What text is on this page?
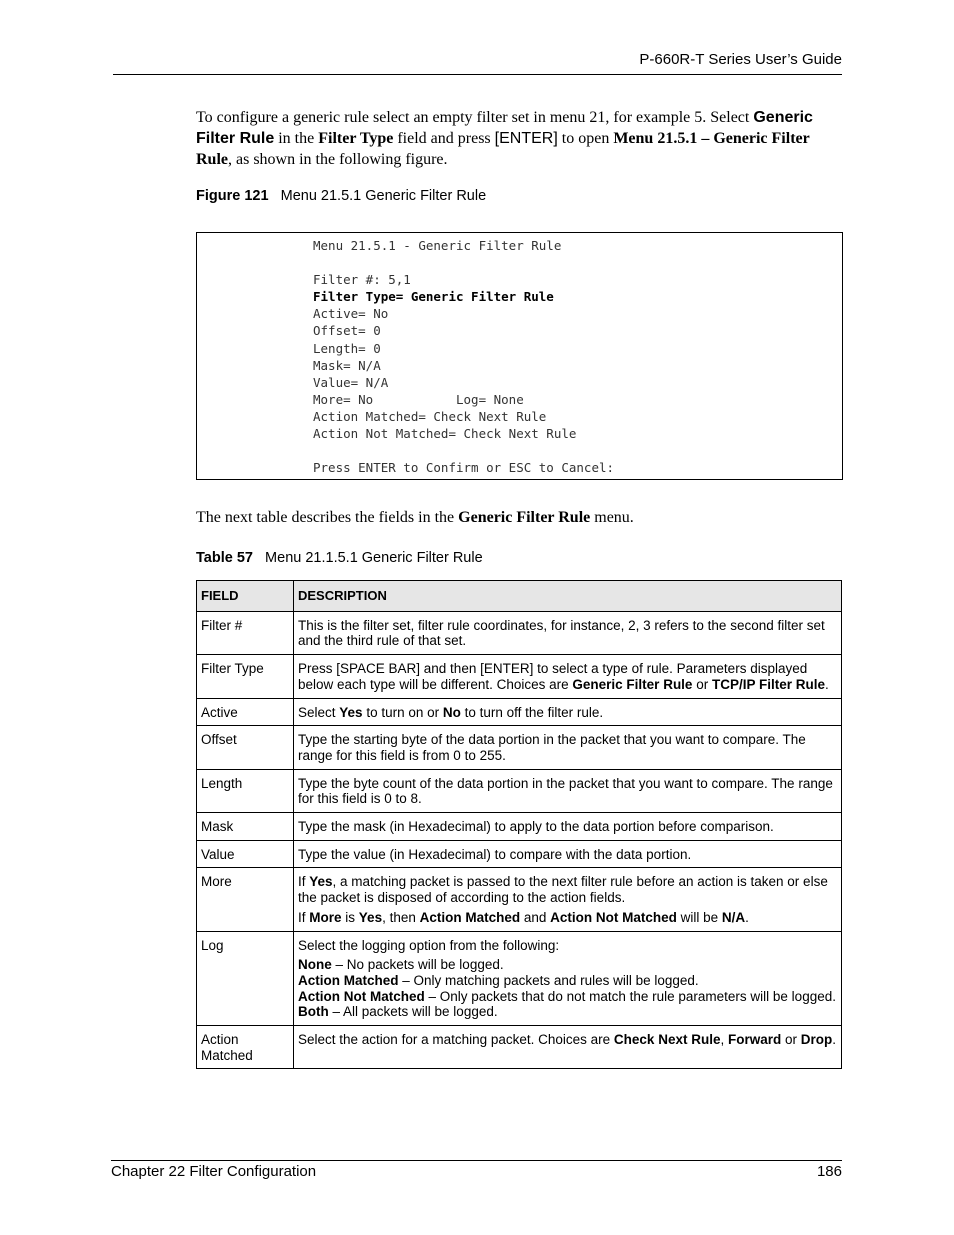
P-660R-T Series User’s Guide
To configure a generic rule select an empty filter set in menu 21, for example 5. Select Generic Filter Rule in the Filter Type field and press [ENTER] to open Menu 21.5.1 – Generic Filter Rule, as shown in the following figure.
Figure 121 Menu 21.5.1 Generic Filter Rule
Menu 21.5.1 - Generic Filter Rule
Filter #: 5,1
Filter Type= Generic Filter Rule
Active= No
Offset= 0
Length= 0
Mask= N/A
Value= N/A
More= No           Log= None
Action Matched= Check Next Rule
Action Not Matched= Check Next Rule
Press ENTER to Confirm or ESC to Cancel:
The next table describes the fields in the Generic Filter Rule menu.
Table 57 Menu 21.1.5.1 Generic Filter Rule
FIELD	DESCRIPTION
Filter #	This is the filter set, filter rule coordinates, for instance, 2, 3 refers to the second filter set and the third rule of that set.
Filter Type	Press [SPACE BAR] and then [ENTER] to select a type of rule. Parameters displayed below each type will be different. Choices are Generic Filter Rule or TCP/IP Filter Rule.
Active	Select Yes to turn on or No to turn off the filter rule.
Offset	Type the starting byte of the data portion in the packet that you want to compare. The range for this field is from 0 to 255.
Length	Type the byte count of the data portion in the packet that you want to compare. The range for this field is 0 to 8.
Mask	Type the mask (in Hexadecimal) to apply to the data portion before comparison.
Value	Type the value (in Hexadecimal) to compare with the data portion.
More	If Yes, a matching packet is passed to the next filter rule before an action is taken or else the packet is disposed of according to the action fields.

If More is Yes, then Action Matched and Action Not Matched will be N/A.

Log	Select the logging option from the following:

None – No packets will be logged.
Action Matched – Only matching packets and rules will be logged.
Action Not Matched – Only packets that do not match the rule parameters will be logged.
Both – All packets will be logged.

Action Matched	Select the action for a matching packet. Choices are Check Next Rule, Forward or Drop.
Chapter 22 Filter Configuration	186
